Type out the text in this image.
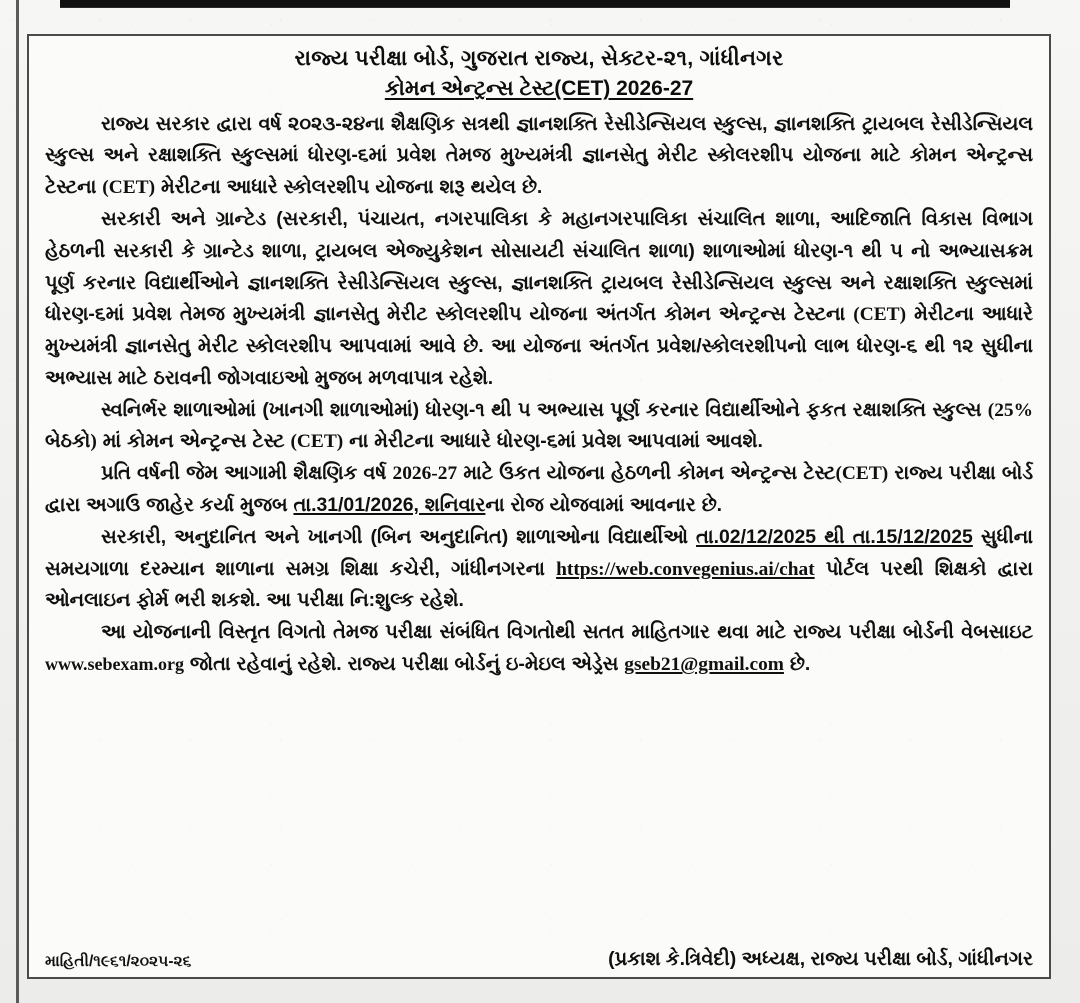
રાજ્ય પરીક્ષા બોર્ડ, ગુજરાત રાજ્ય, સેક્ટર-૨૧, ગાંધીનગર
કોમન એન્ટ્રન્સ ટેસ્ટ(CET) 2026-27

રાજ્ય સરકાર દ્વારા વર્ષ ૨૦૨૩-૨૪ના શૈક્ષણિક સત્રથી જ્ઞાનશક્તિ રેસીડેન્સિયલ સ્કુલ્સ, જ્ઞાનશક્તિ ટ્રાયબલ રેસીડેન્સિયલ સ્કુલ્સ અને રક્ષાશક્તિ સ્કુલ્સમાં ધોરણ-૬માં પ્રવેશ તેમજ મુખ્યમંત્રી જ્ઞાનસેતુ મેરીટ સ્કોલરશીપ યોજના માટે કોમન એન્ટ્રન્સ ટેસ્ટના (CET) મેરીટના આધારે સ્કોલરશીપ યોજના શરૂ થયેલ છે.

સરકારી અને ગ્રાન્ટેડ (સરકારી, પંચાયત, નગરપાલિકા કે મહાનગરપાલિકા સંચાલિત શાળા, આદિજાતિ વિકાસ વિભાગ હેઠળની સરકારી કે ગ્રાન્ટેડ શાળા, ટ્રાયબલ એજ્યુકેશન સોસાયટી સંચાલિત શાળા) શાળાઓમાં ધોરણ-૧ થી ૫ નો અભ્યાસક્રમ પૂર્ણ કરનાર વિદ્યાર્થીઓને જ્ઞાનશક્તિ રેસીડેન્સિયલ સ્કુલ્સ, જ્ઞાનશક્તિ ટ્રાયબલ રેસીડેન્સિયલ સ્કુલ્સ અને રક્ષાશક્તિ સ્કુલ્સમાં ધોરણ-૬માં પ્રવેશ તેમજ મુખ્યમંત્રી જ્ઞાનસેતુ મેરીટ સ્કોલરશીપ યોજના અંતર્ગત કોમન એન્ટ્રન્સ ટેસ્ટના (CET) મેરીટના આધારે મુખ્યમંત્રી જ્ઞાનસેતુ મેરીટ સ્કોલરશીપ આપવામાં આવે છે. આ યોજના અંતર્ગત પ્રવેશ/સ્કોલરશીપનો લાભ ધોરણ-૬ થી ૧૨ સુધીના અભ્યાસ માટે ઠરાવની જોગવાઇઓ મુજબ મળવાપાત્ર રહેશે.

સ્વનિર્ભર શાળાઓમાં (ખાનગી શાળાઓમાં) ધોરણ-૧ થી ૫ અભ્યાસ પૂર્ણ કરનાર વિદ્યાર્થીઓને ફકત રક્ષાશક્તિ સ્કુલ્સ (25% બેઠકો) માં કોમન એન્ટ્રન્સ ટેસ્ટ (CET) ના મેરીટના આધારે ધોરણ-૬માં પ્રવેશ આપવામાં આવશે.

પ્રતિ વર્ષની જેમ આગામી શૈક્ષણિક વર્ષ 2026-27 માટે ઉકત યોજના હેઠળની કોમન એન્ટ્રન્સ ટેસ્ટ(CET) રાજ્ય પરીક્ષા બોર્ડ દ્વારા અગાઉ જાહેર કર્યા મુજબ તા.31/01/2026, શનિવારના રોજ યોજવામાં આવનાર છે.

સરકારી, અનુદાનિત અને ખાનગી (બિન અનુદાનિત) શાળાઓના વિદ્યાર્થીઓ તા.02/12/2025 થી તા.15/12/2025 સુધીના સમયગાળા દરમ્યાન શાળાના સમગ્ર શિક્ષા કચેરી, ગાંધીનગરના https://web.convegenius.ai/chat પોર્ટલ પરથી શિક્ષકો દ્વારા ઓનલાઇન ફોર્મ ભરી શકશે. આ પરીક્ષા નિ:શુલ્ક રહેશે.

આ યોજનાની વિસ્તૃત વિગતો તેમજ પરીક્ષા સંબંધિત વિગતોથી સતત માહિતગાર થવા માટે રાજ્ય પરીક્ષા બોર્ડની વેબસાઇટ www.sebexam.org જોતા રહેવાનું રહેશે. રાજ્ય પરીક્ષા બોર્ડનું ઇ-મેઇલ એડ્રેસ gseb21@gmail.com છે.

માહિતી/૧૯૬૧/૨૦૨૫-૨૬	(પ્રકાશ કે.ત્રિવેદી) અધ્યક્ષ, રાજ્ય પરીક્ષા બોર્ડ, ગાંધીનગર
